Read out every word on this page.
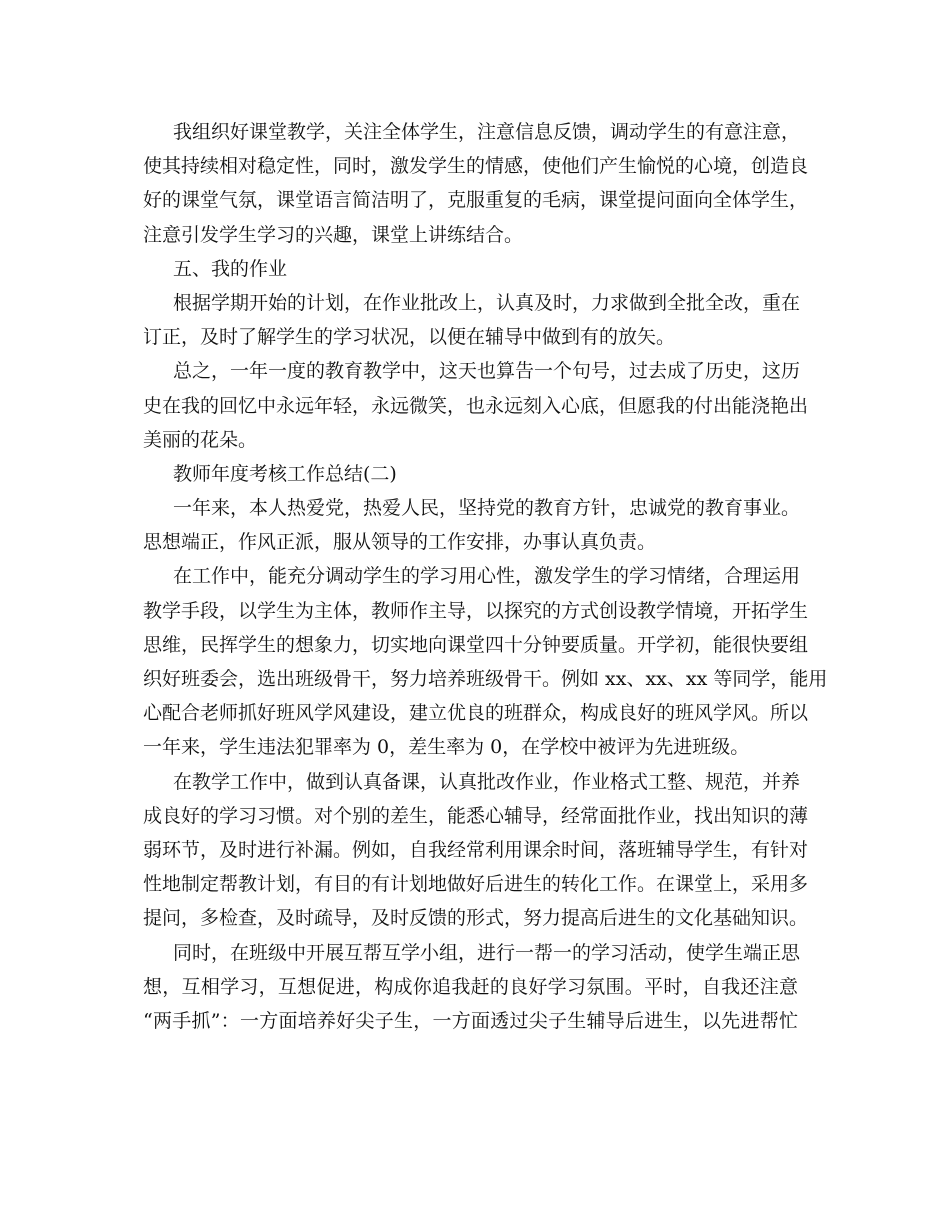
我组织好课堂教学，关注全体学生，注意信息反馈，调动学生的有意注意，
使其持续相对稳定性，同时，激发学生的情感，使他们产生愉悦的心境，创造良
好的课堂气氛，课堂语言简洁明了，克服重复的毛病，课堂提问面向全体学生，
注意引发学生学习的兴趣，课堂上讲练结合。
五、我的作业
根据学期开始的计划，在作业批改上，认真及时，力求做到全批全改，重在
订正，及时了解学生的学习状况，以便在辅导中做到有的放矢。
总之，一年一度的教育教学中，这天也算告一个句号，过去成了历史，这历
史在我的回忆中永远年轻，永远微笑，也永远刻入心底，但愿我的付出能浇艳出
美丽的花朵。
教师年度考核工作总结(二)
一年来，本人热爱党，热爱人民，坚持党的教育方针，忠诚党的教育事业。
思想端正，作风正派，服从领导的工作安排，办事认真负责。
在工作中，能充分调动学生的学习用心性，激发学生的学习情绪，合理运用
教学手段，以学生为主体，教师作主导，以探究的方式创设教学情境，开拓学生
思维，民挥学生的想象力，切实地向课堂四十分钟要质量。开学初，能很快要组
织好班委会，选出班级骨干，努力培养班级骨干。例如 xx、xx、xx 等同学，能用
心配合老师抓好班风学风建设，建立优良的班群众，构成良好的班风学风。所以
一年来，学生违法犯罪率为 0，差生率为 0，在学校中被评为先进班级。
在教学工作中，做到认真备课，认真批改作业，作业格式工整、规范，并养
成良好的学习习惯。对个别的差生，能悉心辅导，经常面批作业，找出知识的薄
弱环节，及时进行补漏。例如，自我经常利用课余时间，落班辅导学生，有针对
性地制定帮教计划，有目的有计划地做好后进生的转化工作。在课堂上，采用多
提问，多检查，及时疏导，及时反馈的形式，努力提高后进生的文化基础知识。
同时，在班级中开展互帮互学小组，进行一帮一的学习活动，使学生端正思
想，互相学习，互想促进，构成你追我赶的良好学习氛围。平时，自我还注意
“两手抓”：一方面培养好尖子生，一方面透过尖子生辅导后进生，以先进帮忙
